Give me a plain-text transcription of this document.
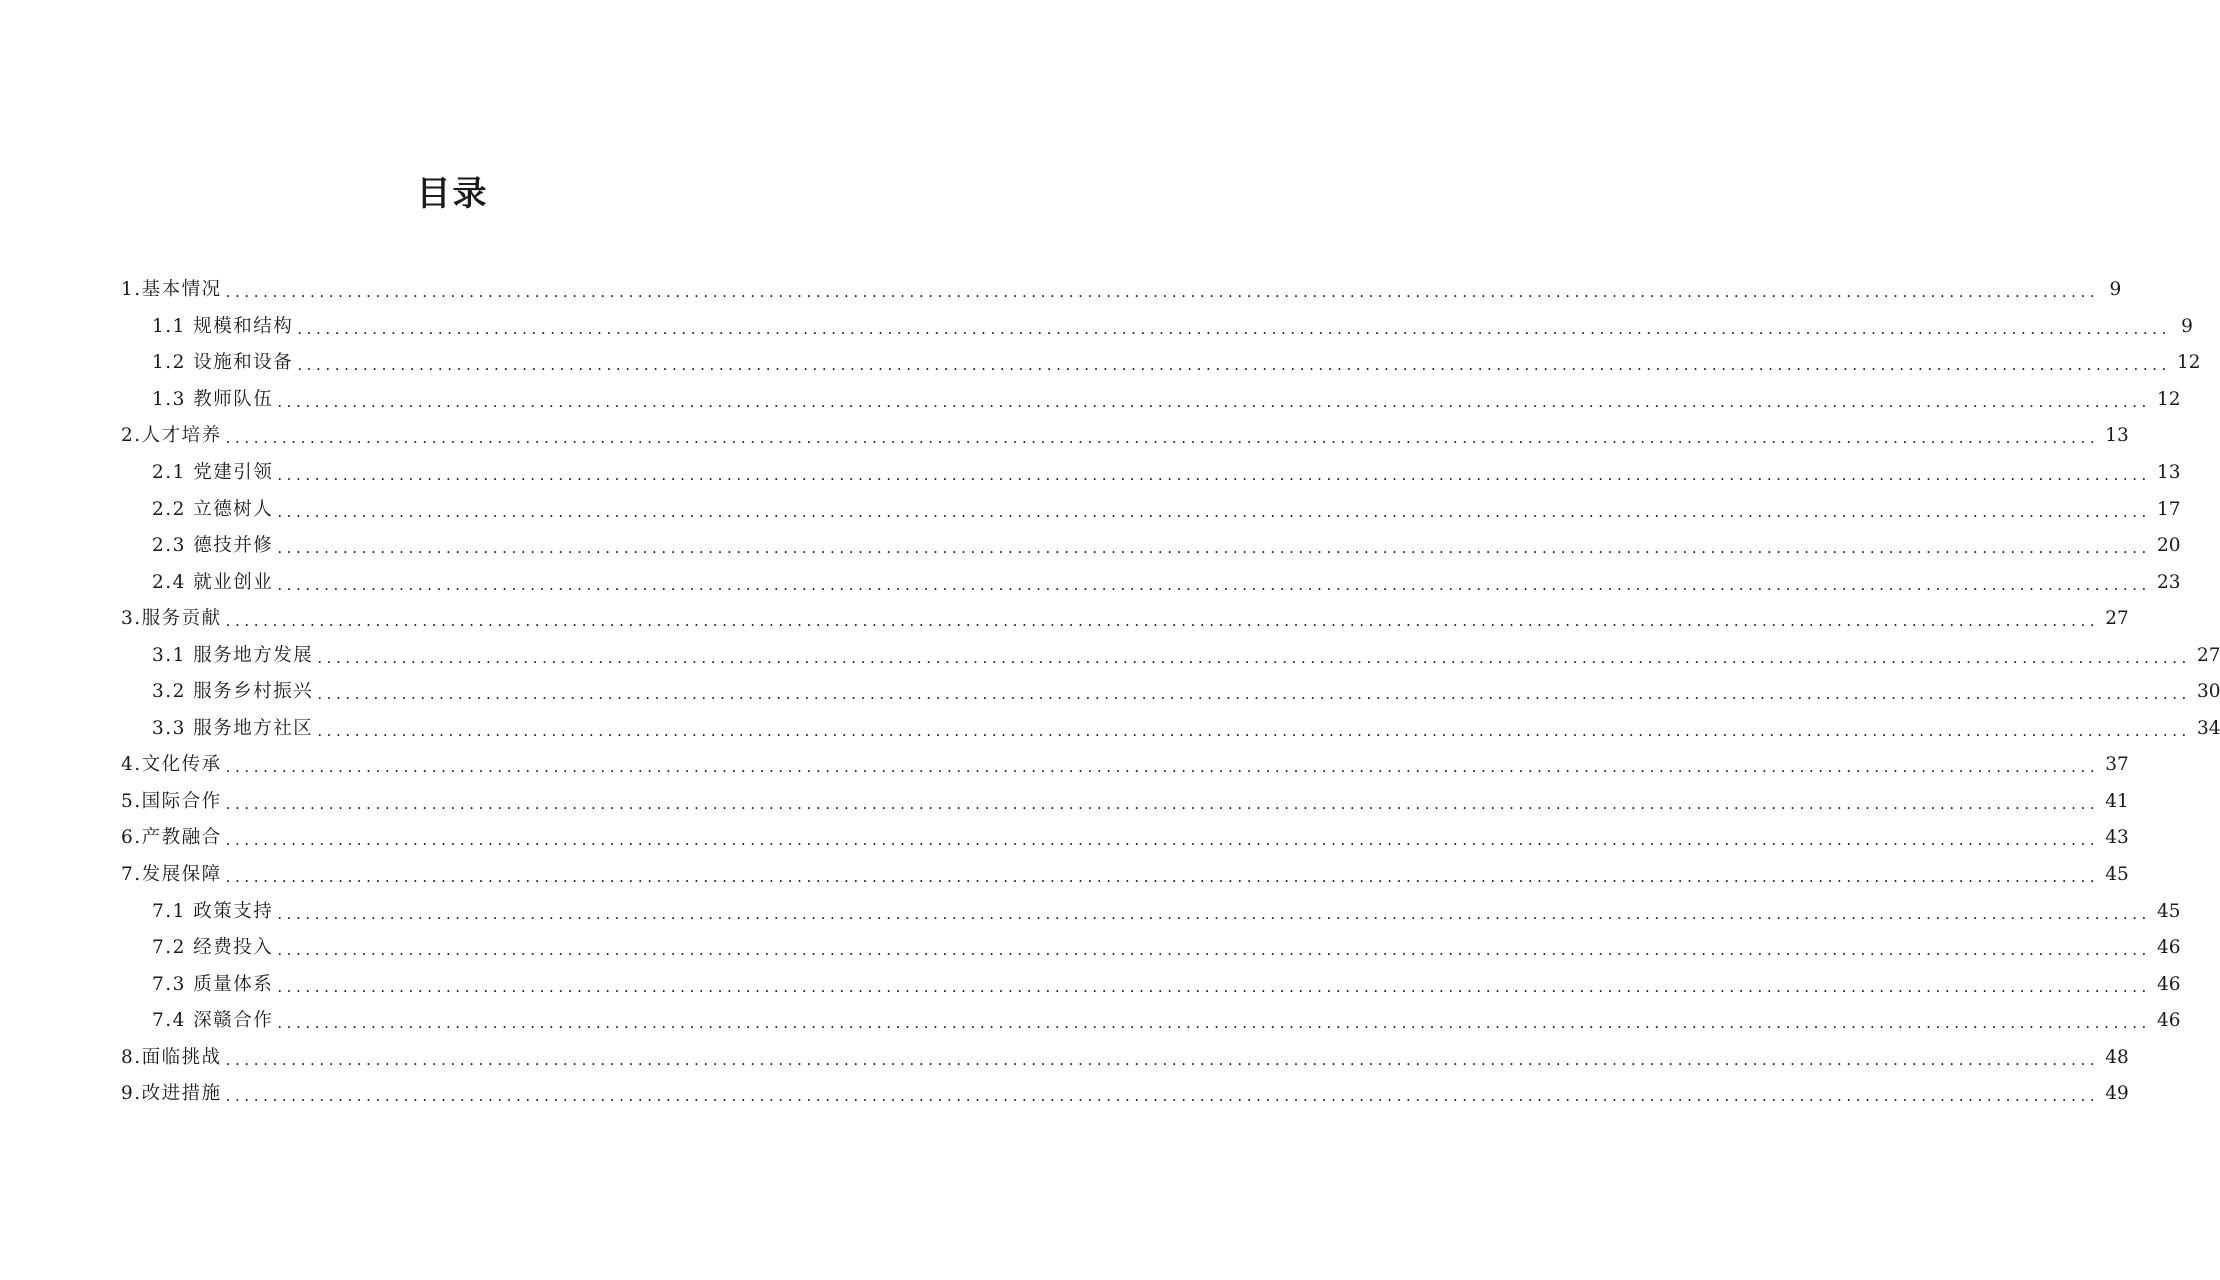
目录
1.基本情况 ........................................................................................................................................................................................................ 9
1.1 规模和结构 ........................................................................................................................................................................................................ 9
1.2 设施和设备 ........................................................................................................................................................................................................ 12
1.3 教师队伍 ........................................................................................................................................................................................................ 12
2.人才培养 ........................................................................................................................................................................................................ 13
2.1 党建引领 ........................................................................................................................................................................................................ 13
2.2 立德树人 ........................................................................................................................................................................................................ 17
2.3 德技并修 ........................................................................................................................................................................................................ 20
2.4 就业创业 ........................................................................................................................................................................................................ 23
3.服务贡献 ........................................................................................................................................................................................................ 27
3.1 服务地方发展 ........................................................................................................................................................................................................ 27
3.2 服务乡村振兴 ........................................................................................................................................................................................................ 30
3.3 服务地方社区 ........................................................................................................................................................................................................ 34
4.文化传承 ........................................................................................................................................................................................................ 37
5.国际合作 ........................................................................................................................................................................................................ 41
6.产教融合 ........................................................................................................................................................................................................ 43
7.发展保障 ........................................................................................................................................................................................................ 45
7.1 政策支持 ........................................................................................................................................................................................................ 45
7.2 经费投入 ........................................................................................................................................................................................................ 46
7.3 质量体系 ........................................................................................................................................................................................................ 46
7.4 深赣合作 ........................................................................................................................................................................................................ 46
8.面临挑战 ........................................................................................................................................................................................................ 48
9.改进措施 ........................................................................................................................................................................................................ 49
